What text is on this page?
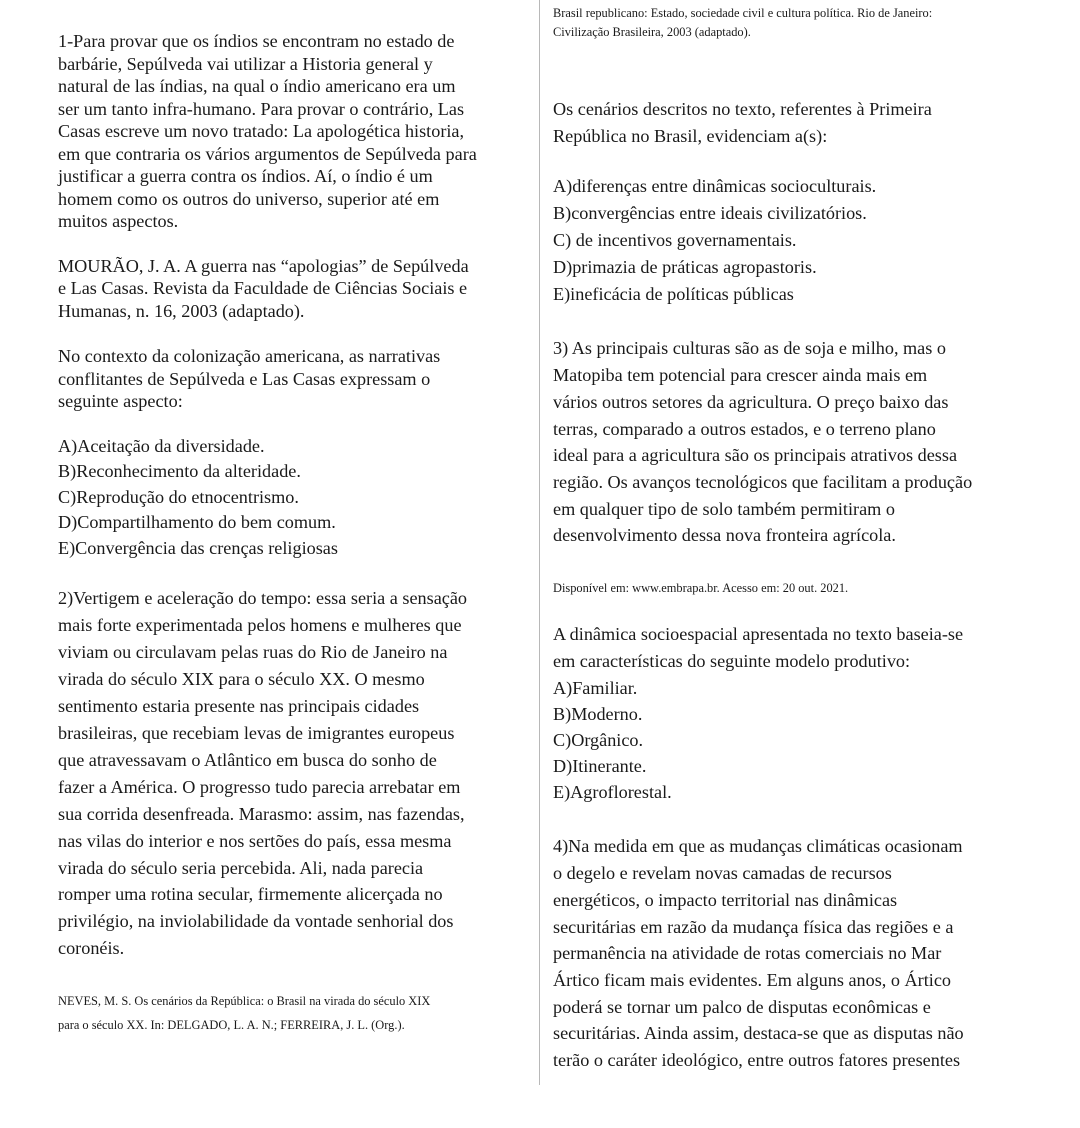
1-Para provar que os índios se encontram no estado de
barbárie, Sepúlveda vai utilizar a Historia general y
natural de las índias, na qual o índio americano era um
ser um tanto infra-humano. Para provar o contrário, Las
Casas escreve um novo tratado: La apologética historia,
em que contraria os vários argumentos de Sepúlveda para
justificar a guerra contra os índios. Aí, o índio é um
homem como os outros do universo, superior até em
muitos aspectos.
MOURÃO, J. A. A guerra nas “apologias” de Sepúlveda
e Las Casas. Revista da Faculdade de Ciências Sociais e
Humanas, n. 16, 2003 (adaptado).
No contexto da colonização americana, as narrativas
conflitantes de Sepúlveda e Las Casas expressam o
seguinte aspecto:
A)Aceitação da diversidade.
B)Reconhecimento da alteridade.
C)Reprodução do etnocentrismo.
D)Compartilhamento do bem comum.
E)Convergência das crenças religiosas
2)Vertigem e aceleração do tempo: essa seria a sensação
mais forte experimentada pelos homens e mulheres que
viviam ou circulavam pelas ruas do Rio de Janeiro na
virada do século XIX para o século XX. O mesmo
sentimento estaria presente nas principais cidades
brasileiras, que recebiam levas de imigrantes europeus
que atravessavam o Atlântico em busca do sonho de
fazer a América. O progresso tudo parecia arrebatar em
sua corrida desenfreada. Marasmo: assim, nas fazendas,
nas vilas do interior e nos sertões do país, essa mesma
virada do século seria percebida. Ali, nada parecia
romper uma rotina secular, firmemente alicerçada no
privilégio, na inviolabilidade da vontade senhorial dos
coronéis.
NEVES, M. S. Os cenários da República: o Brasil na virada do século XIX
para o século XX. In: DELGADO, L. A. N.; FERREIRA, J. L. (Org.).
Brasil republicano: Estado, sociedade civil e cultura política. Rio de Janeiro:
Civilização Brasileira, 2003 (adaptado).
Os cenários descritos no texto, referentes à Primeira
República no Brasil, evidenciam a(s):
A)diferenças entre dinâmicas socioculturais.
B)convergências entre ideais civilizatórios.
C) de incentivos governamentais.
D)primazia de práticas agropastoris.
E)ineficácia de políticas públicas
3) As principais culturas são as de soja e milho, mas o
Matopiba tem potencial para crescer ainda mais em
vários outros setores da agricultura. O preço baixo das
terras, comparado a outros estados, e o terreno plano
ideal para a agricultura são os principais atrativos dessa
região. Os avanços tecnológicos que facilitam a produção
em qualquer tipo de solo também permitiram o
desenvolvimento dessa nova fronteira agrícola.
Disponível em: www.embrapa.br. Acesso em: 20 out. 2021.
A dinâmica socioespacial apresentada no texto baseia-se
em características do seguinte modelo produtivo:
A)Familiar.
B)Moderno.
C)Orgânico.
D)Itinerante.
E)Agroflorestal.
4)Na medida em que as mudanças climáticas ocasionam
o degelo e revelam novas camadas de recursos
energéticos, o impacto territorial nas dinâmicas
securitárias em razão da mudança física das regiões e a
permanência na atividade de rotas comerciais no Mar
Ártico ficam mais evidentes. Em alguns anos, o Ártico
poderá se tornar um palco de disputas econômicas e
securitárias. Ainda assim, destaca-se que as disputas não
terão o caráter ideológico, entre outros fatores presentes
